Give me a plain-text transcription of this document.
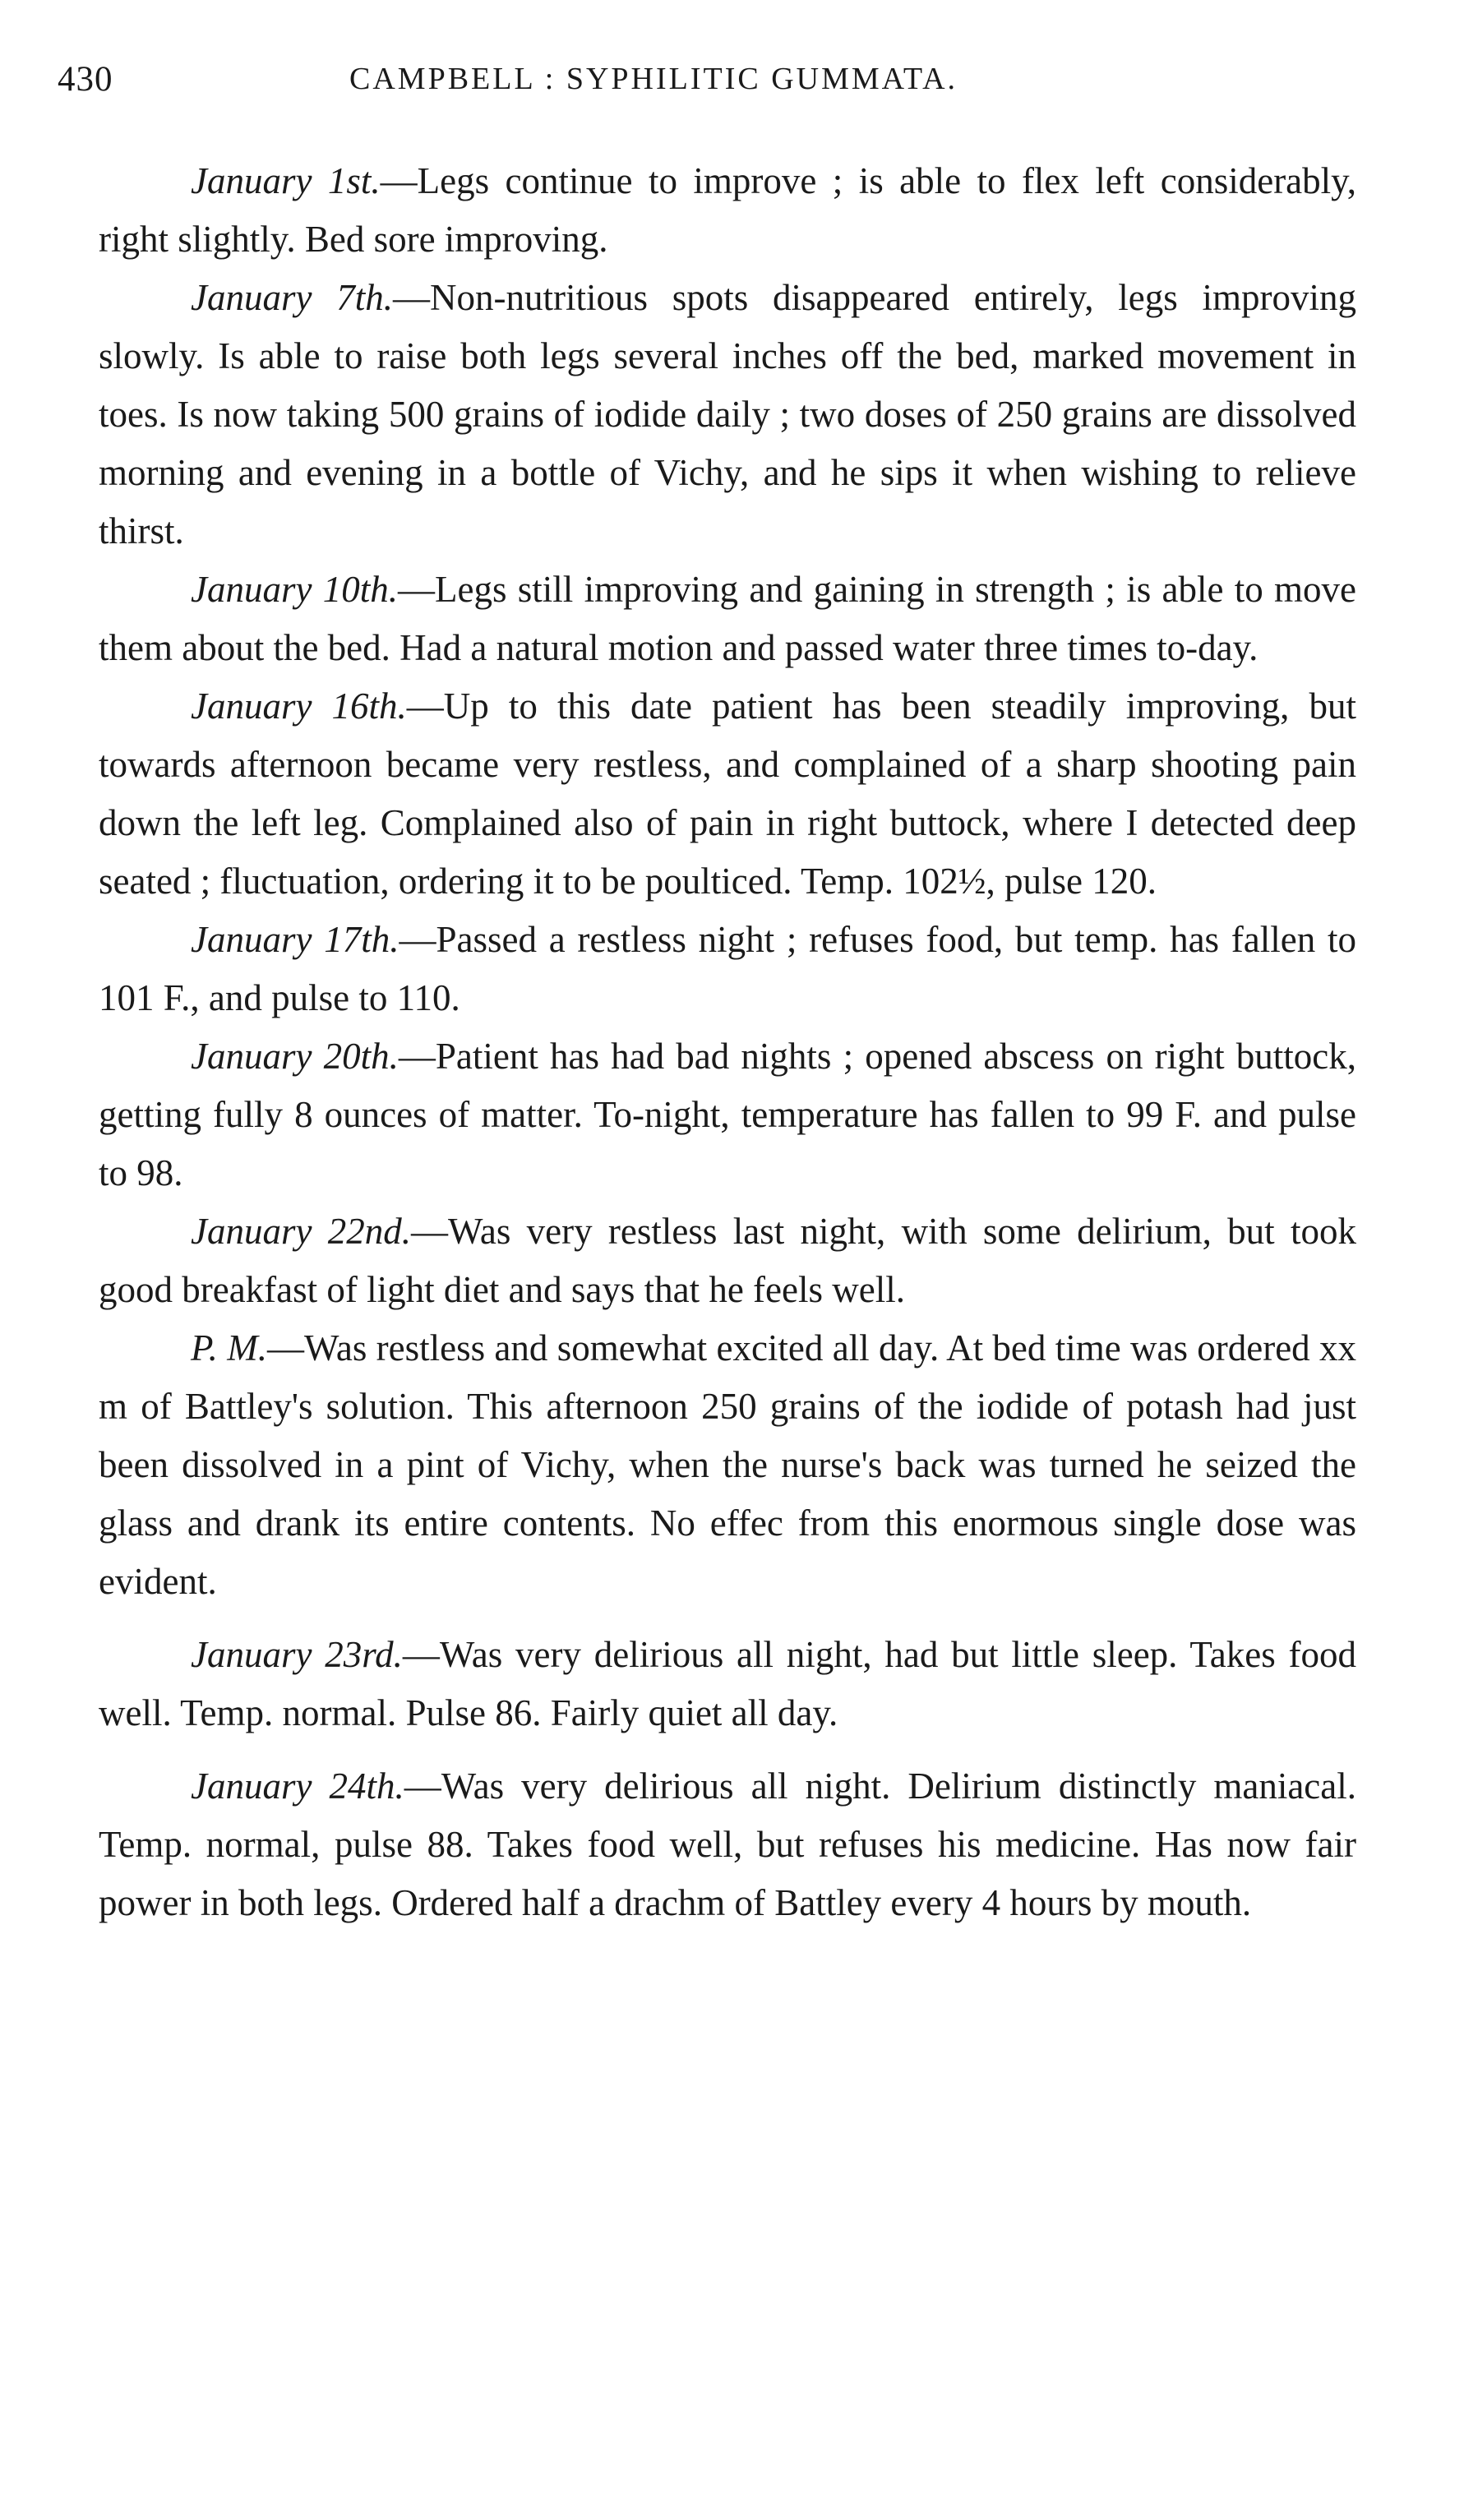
430	CAMPBELL : SYPHILITIC GUMMATA.

January 1st.—Legs continue to improve ; is able to flex left considerably, right slightly. Bed sore improving.

January 7th.—Non-nutritious spots disappeared entirely, legs improving slowly. Is able to raise both legs several inches off the bed, marked movement in toes. Is now taking 500 grains of iodide daily ; two doses of 250 grains are dissolved morning and evening in a bottle of Vichy, and he sips it when wishing to relieve thirst.

January 10th.—Legs still improving and gaining in strength ; is able to move them about the bed. Had a natural motion and passed water three times to-day.

January 16th.—Up to this date patient has been steadily improving, but towards afternoon became very restless, and complained of a sharp shooting pain down the left leg. Complained also of pain in right buttock, where I detected deep seated ; fluctuation, ordering it to be poulticed. Temp. 102½, pulse 120.

January 17th.—Passed a restless night ; refuses food, but temp. has fallen to 101 F., and pulse to 110.

January 20th.—Patient has had bad nights ; opened abscess on right buttock, getting fully 8 ounces of matter. To-night, temperature has fallen to 99 F. and pulse to 98.

January 22nd.—Was very restless last night, with some delirium, but took good breakfast of light diet and says that he feels well.

P. M.—Was restless and somewhat excited all day. At bed time was ordered xx m of Battley's solution. This afternoon 250 grains of the iodide of potash had just been dissolved in a pint of Vichy, when the nurse's back was turned he seized the glass and drank its entire contents. No effec from this enormous single dose was evident.

January 23rd.—Was very delirious all night, had but little sleep. Takes food well. Temp. normal. Pulse 86. Fairly quiet all day.

January 24th.—Was very delirious all night. Delirium distinctly maniacal. Temp. normal, pulse 88. Takes food well, but refuses his medicine. Has now fair power in both legs. Ordered half a drachm of Battley every 4 hours by mouth.
